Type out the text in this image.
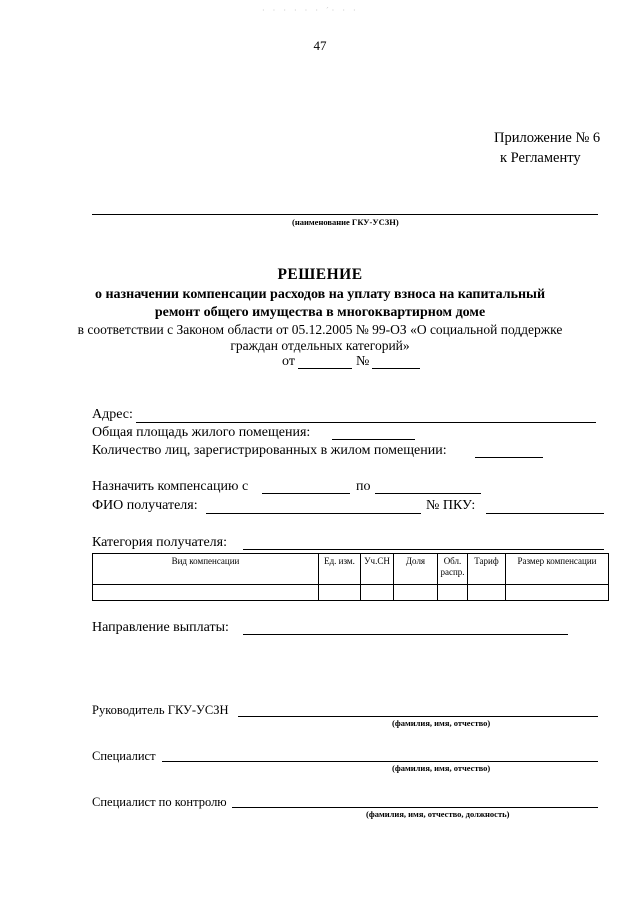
· · · · · · ´· · ·
47
Приложение № 6
к Регламенту
(наименование ГКУ-УСЗН)
РЕШЕНИЕ
о назначении компенсации расходов на уплату взноса на капитальный
ремонт общего имущества в многоквартирном доме
в соответствии с Законом области от 05.12.2005 № 99-ОЗ «О социальной поддержке
граждан отдельных категорий»
от	№
Адрес:
Общая площадь жилого помещения:
Количество лиц, зарегистрированных в жилом помещении:
Назначить компенсацию с	по
ФИО получателя:	№ ПКУ:
Категория получателя:
Вид компенсации	Ед. изм.	Уч.СН	Доля	Обл. распр.	Тариф	Размер компенсации

Направление выплаты:
Руководитель ГКУ-УСЗН
(фамилия, имя, отчество)
Специалист
(фамилия, имя, отчество)
Специалист по контролю
(фамилия, имя, отчество, должность)
